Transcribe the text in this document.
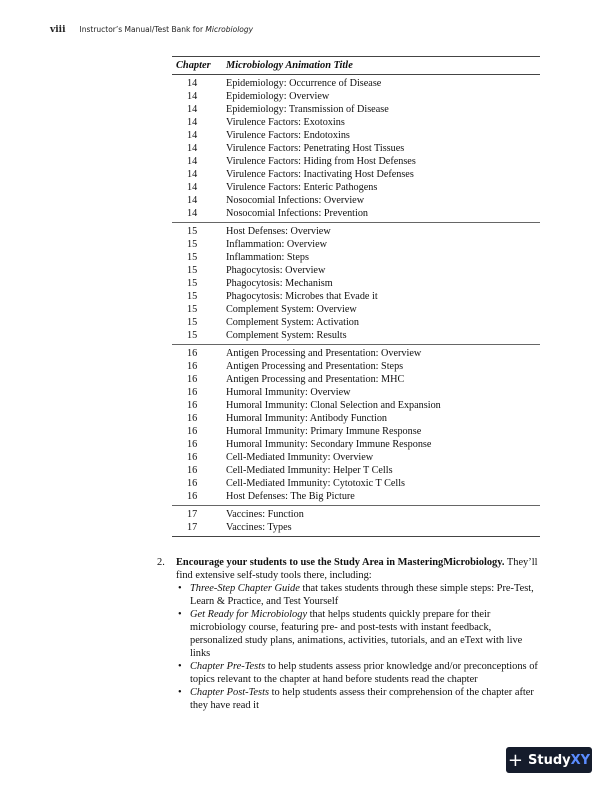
viii Instructor’s Manual/Test Bank for Microbiology
Chapter	Microbiology Animation Title
14	Epidemiology: Occurrence of Disease
14	Epidemiology: Overview
14	Epidemiology: Transmission of Disease
14	Virulence Factors: Exotoxins
14	Virulence Factors: Endotoxins
14	Virulence Factors: Penetrating Host Tissues
14	Virulence Factors: Hiding from Host Defenses
14	Virulence Factors: Inactivating Host Defenses
14	Virulence Factors: Enteric Pathogens
14	Nosocomial Infections: Overview
14	Nosocomial Infections: Prevention
15	Host Defenses: Overview
15	Inflammation: Overview
15	Inflammation: Steps
15	Phagocytosis: Overview
15	Phagocytosis: Mechanism
15	Phagocytosis: Microbes that Evade it
15	Complement System: Overview
15	Complement System: Activation
15	Complement System: Results
16	Antigen Processing and Presentation: Overview
16	Antigen Processing and Presentation: Steps
16	Antigen Processing and Presentation: MHC
16	Humoral Immunity: Overview
16	Humoral Immunity: Clonal Selection and Expansion
16	Humoral Immunity: Antibody Function
16	Humoral Immunity: Primary Immune Response
16	Humoral Immunity: Secondary Immune Response
16	Cell-Mediated Immunity: Overview
16	Cell-Mediated Immunity: Helper T Cells
16	Cell-Mediated Immunity: Cytotoxic T Cells
16	Host Defenses: The Big Picture
17	Vaccines: Function
17	Vaccines: Types
2. Encourage your students to use the Study Area in MasteringMicrobiology. They’ll find extensive self-study tools there, including:
• Three-Step Chapter Guide that takes students through these simple steps: Pre-Test, Learn & Practice, and Test Yourself
• Get Ready for Microbiology that helps students quickly prepare for their microbiology course, featuring pre- and post-tests with instant feedback, personalized study plans, animations, activities, tutorials, and an eText with live links
• Chapter Pre-Tests to help students assess prior knowledge and/or preconceptions of topics relevant to the chapter at hand before students read the chapter
• Chapter Post-Tests to help students assess their comprehension of the chapter after they have read it
+ Study XY
